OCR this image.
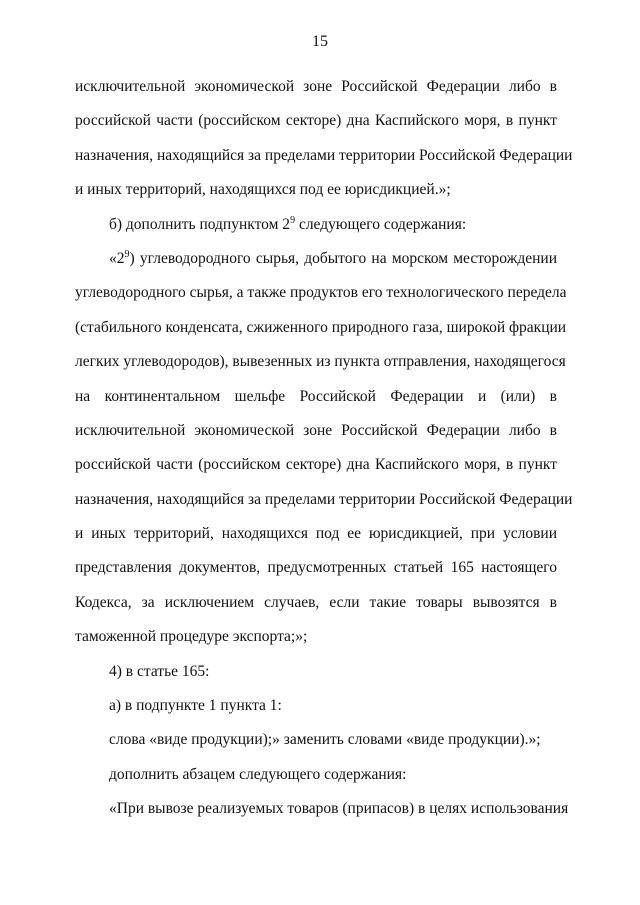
15
исключительной экономической зоне Российской Федерации либо в
российской части (российском секторе) дна Каспийского моря, в пункт
назначения, находящийся за пределами территории Российской Федерации
и иных территорий, находящихся под ее юрисдикцией.»;
б) дополнить подпунктом $2^9$ следующего содержания:
«$2^9$) углеводородного сырья, добытого на морском месторождении
углеводородного сырья, а также продуктов его технологического передела
(стабильного конденсата, сжиженного природного газа, широкой фракции
легких углеводородов), вывезенных из пункта отправления, находящегося
на континентальном шельфе Российской Федерации и (или) в
исключительной экономической зоне Российской Федерации либо в
российской части (российском секторе) дна Каспийского моря, в пункт
назначения, находящийся за пределами территории Российской Федерации
и иных территорий, находящихся под ее юрисдикцией, при условии
представления документов, предусмотренных статьей 165 настоящего
Кодекса, за исключением случаев, если такие товары вывозятся в
таможенной процедуре экспорта;»;
4) в статье 165:
а) в подпункте 1 пункта 1:
слова «виде продукции);» заменить словами «виде продукции).»;
дополнить абзацем следующего содержания:
«При вывозе реализуемых товаров (припасов) в целях использования
